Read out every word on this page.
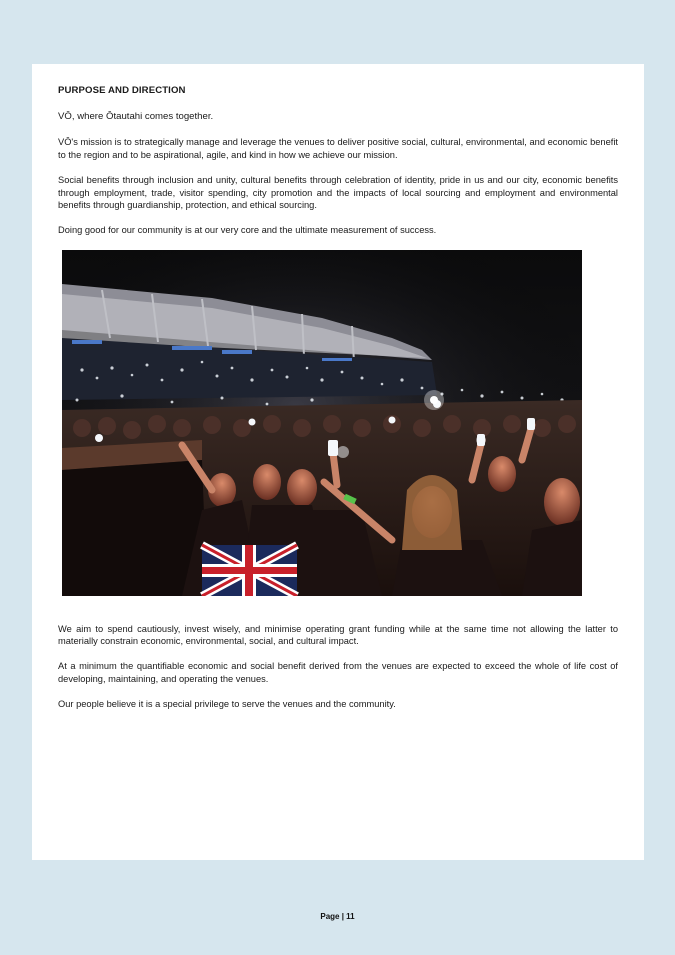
PURPOSE AND DIRECTION

VŌ, where Ōtautahi comes together.

VŌ's mission is to strategically manage and leverage the venues to deliver positive social, cultural, environmental, and economic benefit to the region and to be aspirational, agile, and kind in how we achieve our mission.

Social benefits through inclusion and unity, cultural benefits through celebration of identity, pride in us and our city, economic benefits through employment, trade, visitor spending, city promotion and the impacts of local sourcing and employment and environmental benefits through guardianship, protection, and ethical sourcing.

Doing good for our community is at our very core and the ultimate measurement of success.

We aim to spend cautiously, invest wisely, and minimise operating grant funding while at the same time not allowing the latter to materially constrain economic, environmental, social, and cultural impact.

At a minimum the quantifiable economic and social benefit derived from the venues are expected to exceed the whole of life cost of developing, maintaining, and operating the venues.

Our people believe it is a special privilege to serve the venues and the community.

Page | 11
